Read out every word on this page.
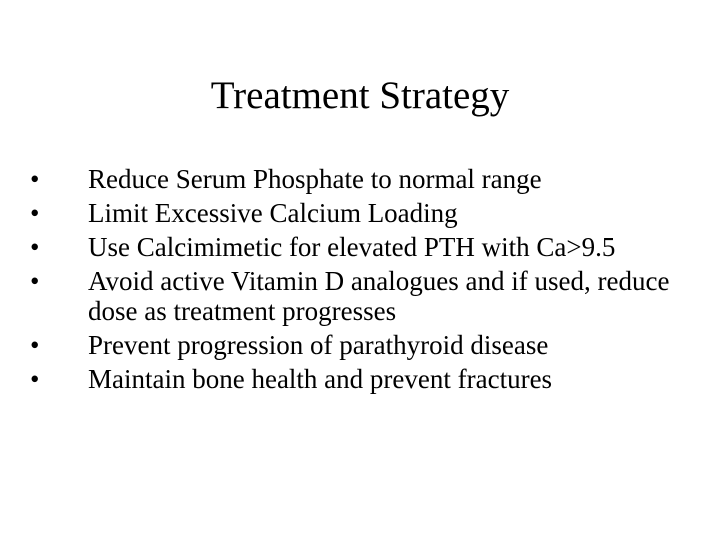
Treatment Strategy
•	Reduce Serum Phosphate to normal range
•	Limit Excessive Calcium Loading
•	Use Calcimimetic for elevated PTH with Ca>9.5
•	Avoid active Vitamin D analogues and if used, reduce dose as treatment progresses
•	Prevent progression of parathyroid disease
•	Maintain bone health and prevent fractures
